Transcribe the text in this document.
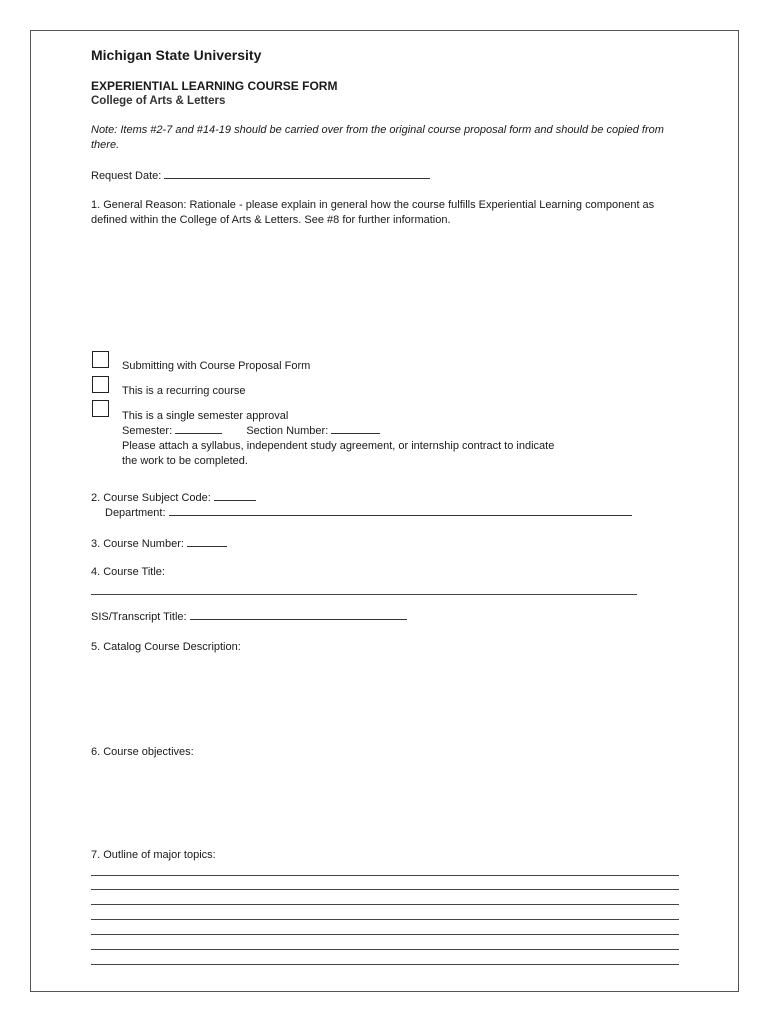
Michigan State University
EXPERIENTIAL LEARNING COURSE FORM
College of Arts & Letters
Note: Items #2-7 and #14-19 should be carried over from the original course proposal form and should be copied from there.
Request Date:
1. General Reason: Rationale - please explain in general how the course fulfills Experiential Learning component as defined within the College of Arts & Letters. See #8 for further information.
Submitting with Course Proposal Form
This is a recurring course
This is a single semester approval
Semester:	Section Number:
Please attach a syllabus, independent study agreement, or internship contract to indicate
the work to be completed.
2. Course Subject Code:
Department:
3. Course Number:
4. Course Title:
SIS/Transcript Title:
5. Catalog Course Description:
6. Course objectives:
7. Outline of major topics:
